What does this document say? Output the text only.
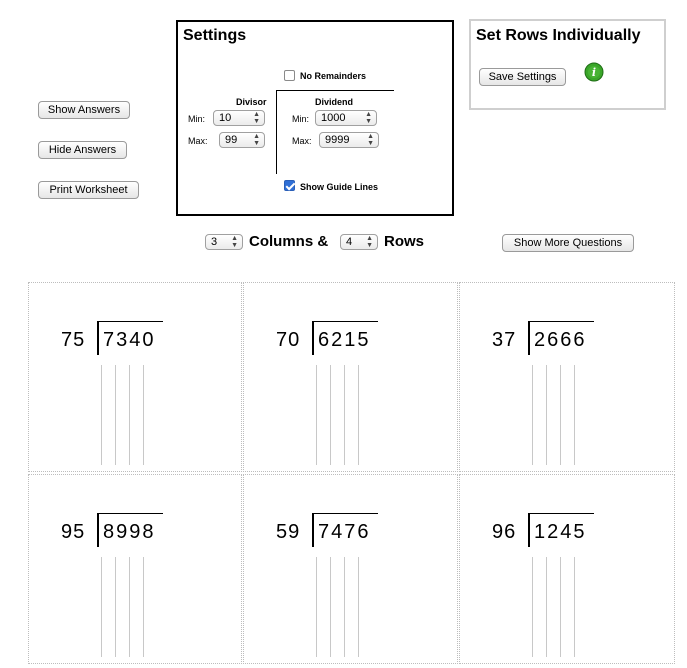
Show Answers
Hide Answers
Print Worksheet
Settings
No Remainders
Divisor
Min: 10	▲
▼
Max: 99 ▲
▼
Dividend
Min: 1000	▲
▼
Max: 9999	▲
▼
Show Guide Lines
Set Rows Individually
Save Settings	i
3 ▲
▼ Columns & 4 ▲
▼ Rows	Show More Questions
75 7340	70 6215	37 2666
95 8998	59 7476	96 1245
